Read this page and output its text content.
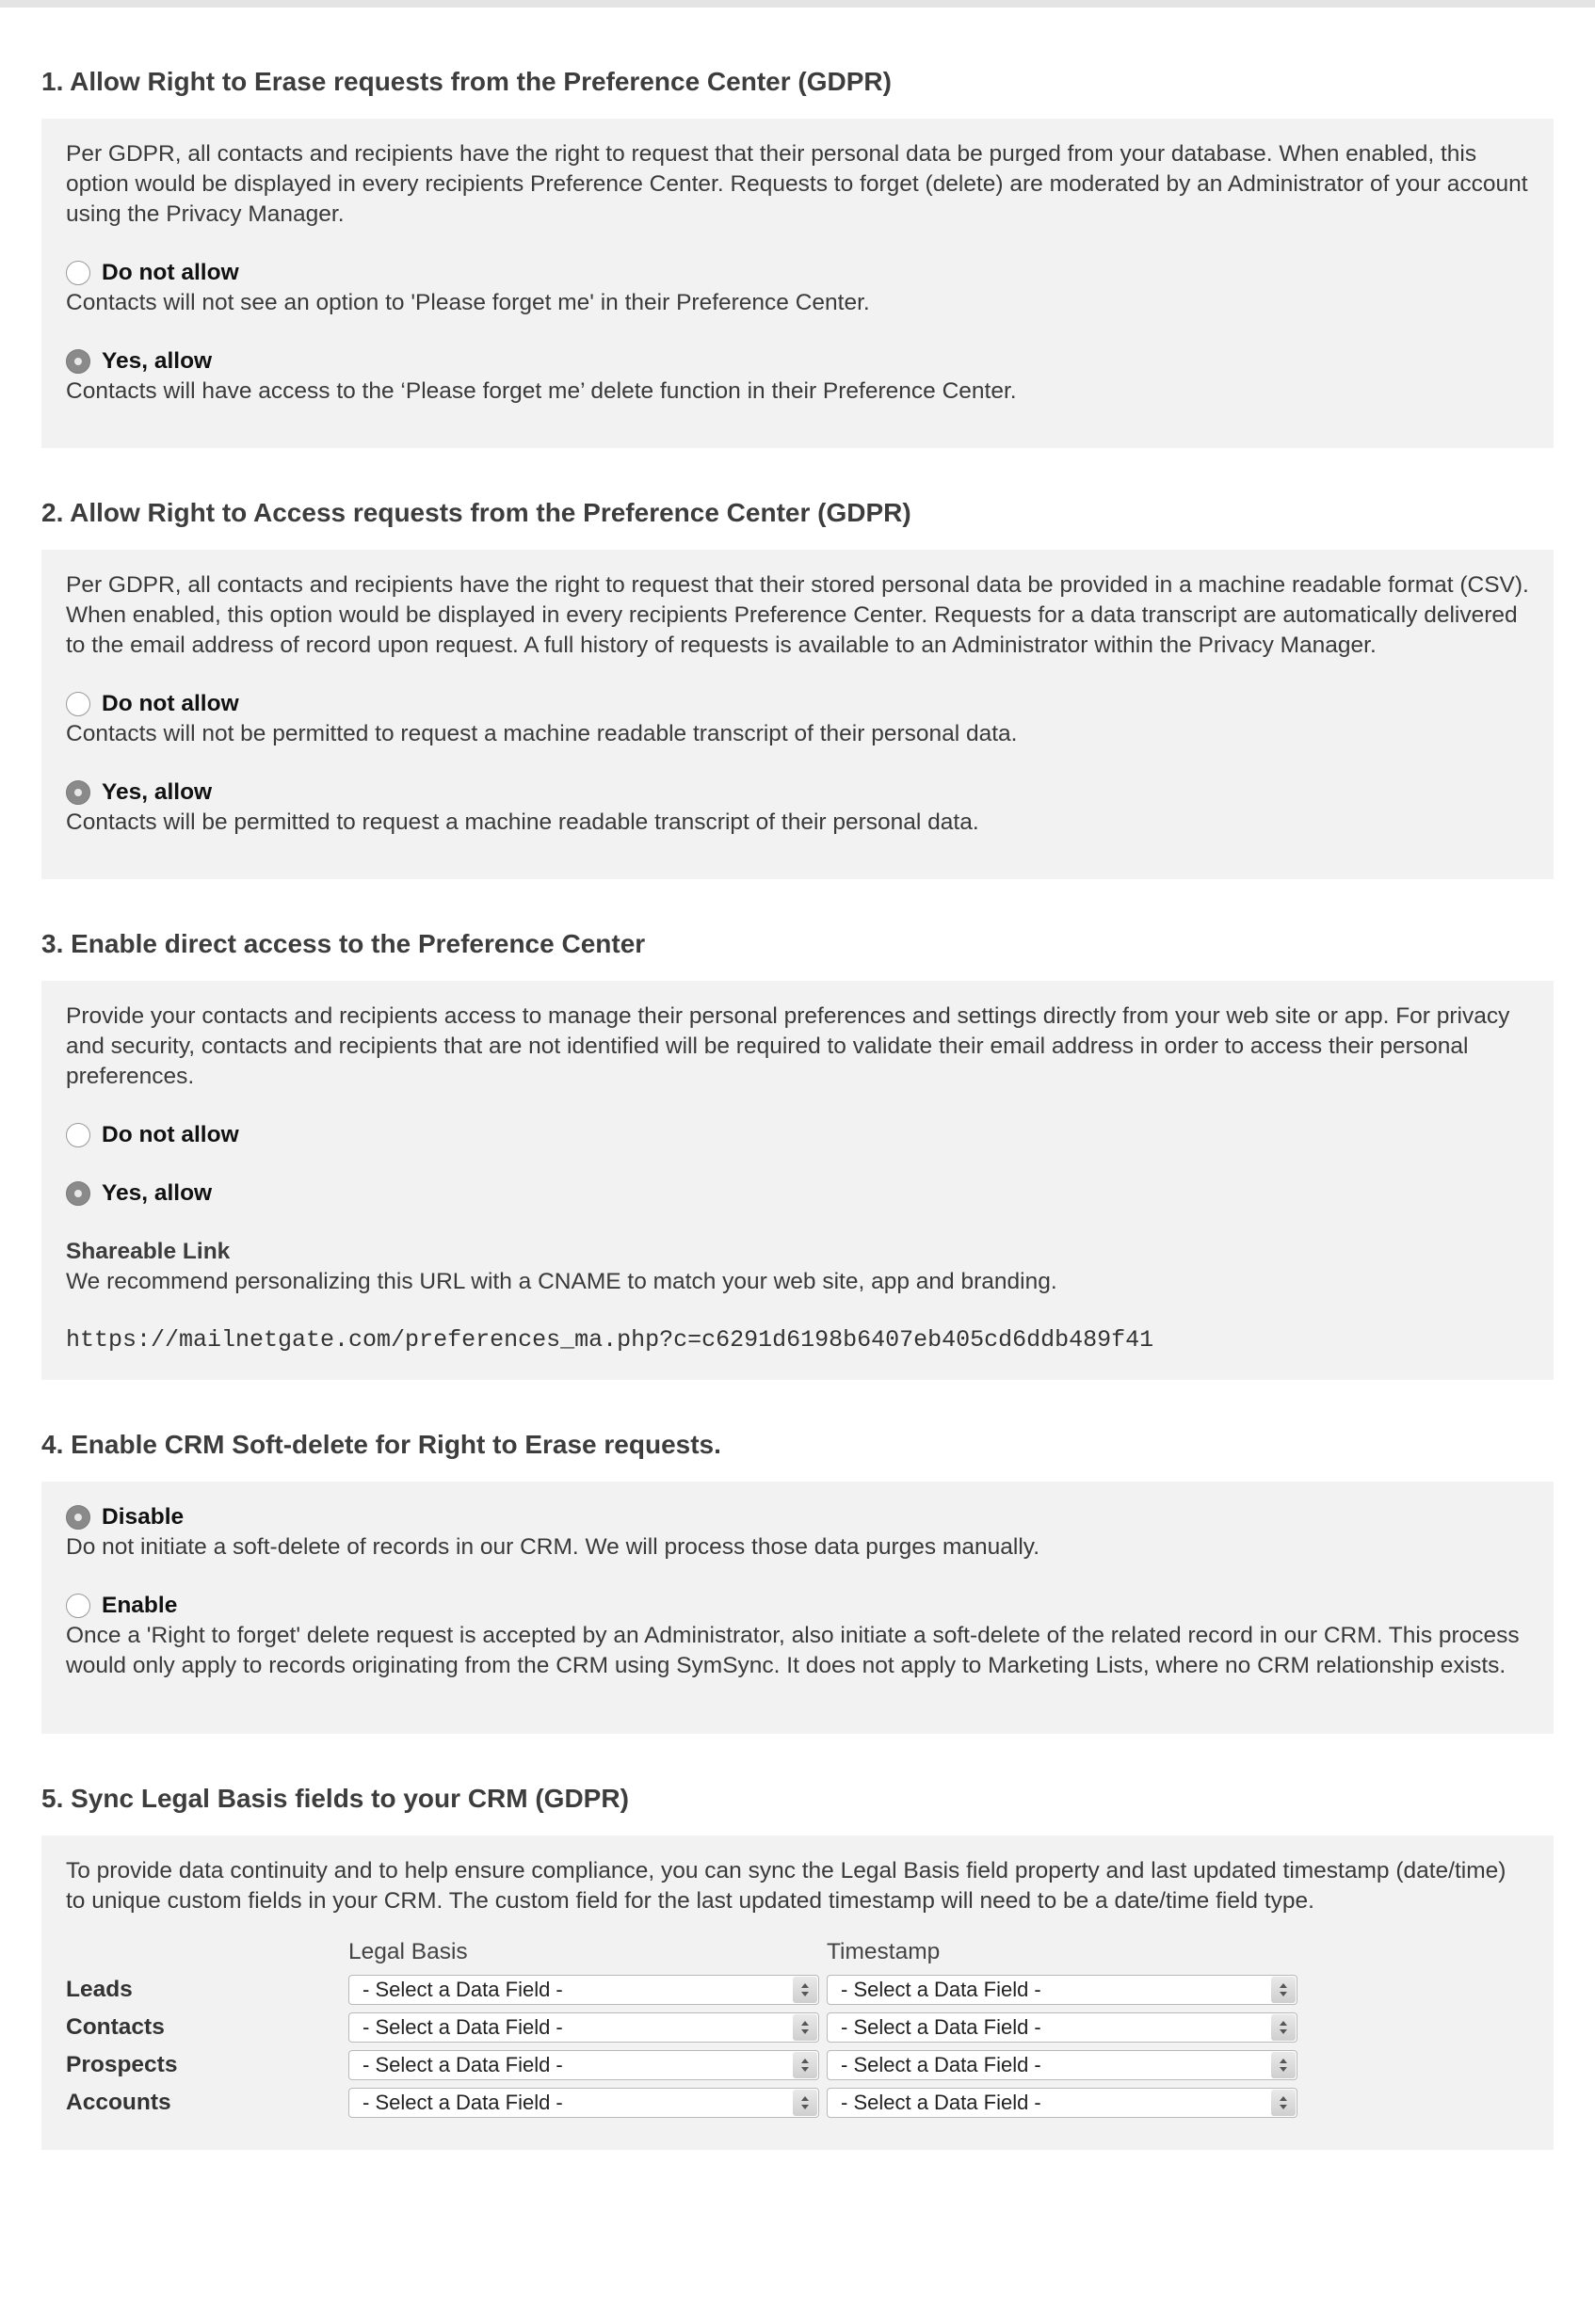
1. Allow Right to Erase requests from the Preference Center (GDPR)
Per GDPR, all contacts and recipients have the right to request that their personal data be purged from your database. When enabled, this option would be displayed in every recipients Preference Center. Requests to forget (delete) are moderated by an Administrator of your account using the Privacy Manager.
Do not allow
Contacts will not see an option to 'Please forget me' in their Preference Center.
Yes, allow
Contacts will have access to the ‘Please forget me’ delete function in their Preference Center.
2. Allow Right to Access requests from the Preference Center (GDPR)
Per GDPR, all contacts and recipients have the right to request that their stored personal data be provided in a machine readable format (CSV). When enabled, this option would be displayed in every recipients Preference Center. Requests for a data transcript are automatically delivered to the email address of record upon request. A full history of requests is available to an Administrator within the Privacy Manager.
Do not allow
Contacts will not be permitted to request a machine readable transcript of their personal data.
Yes, allow
Contacts will be permitted to request a machine readable transcript of their personal data.
3. Enable direct access to the Preference Center
Provide your contacts and recipients access to manage their personal preferences and settings directly from your web site or app. For privacy and security, contacts and recipients that are not identified will be required to validate their email address in order to access their personal preferences.
Do not allow
Yes, allow
Shareable Link
We recommend personalizing this URL with a CNAME to match your web site, app and branding.
https://mailnetgate.com/preferences_ma.php?c=c6291d6198b6407eb405cd6ddb489f41
4. Enable CRM Soft-delete for Right to Erase requests.
Disable
Do not initiate a soft-delete of records in our CRM. We will process those data purges manually.
Enable
Once a 'Right to forget' delete request is accepted by an Administrator, also initiate a soft-delete of the related record in our CRM. This process would only apply to records originating from the CRM using SymSync. It does not apply to Marketing Lists, where no CRM relationship exists.
5. Sync Legal Basis fields to your CRM (GDPR)
To provide data continuity and to help ensure compliance, you can sync the Legal Basis field property and last updated timestamp (date/time) to unique custom fields in your CRM. The custom field for the last updated timestamp will need to be a date/time field type.
	Legal Basis	Timestamp
Leads	- Select a Data Field -	- Select a Data Field -

Contacts	- Select a Data Field -	- Select a Data Field -

Prospects	- Select a Data Field -	- Select a Data Field -

Accounts	- Select a Data Field -	- Select a Data Field -
